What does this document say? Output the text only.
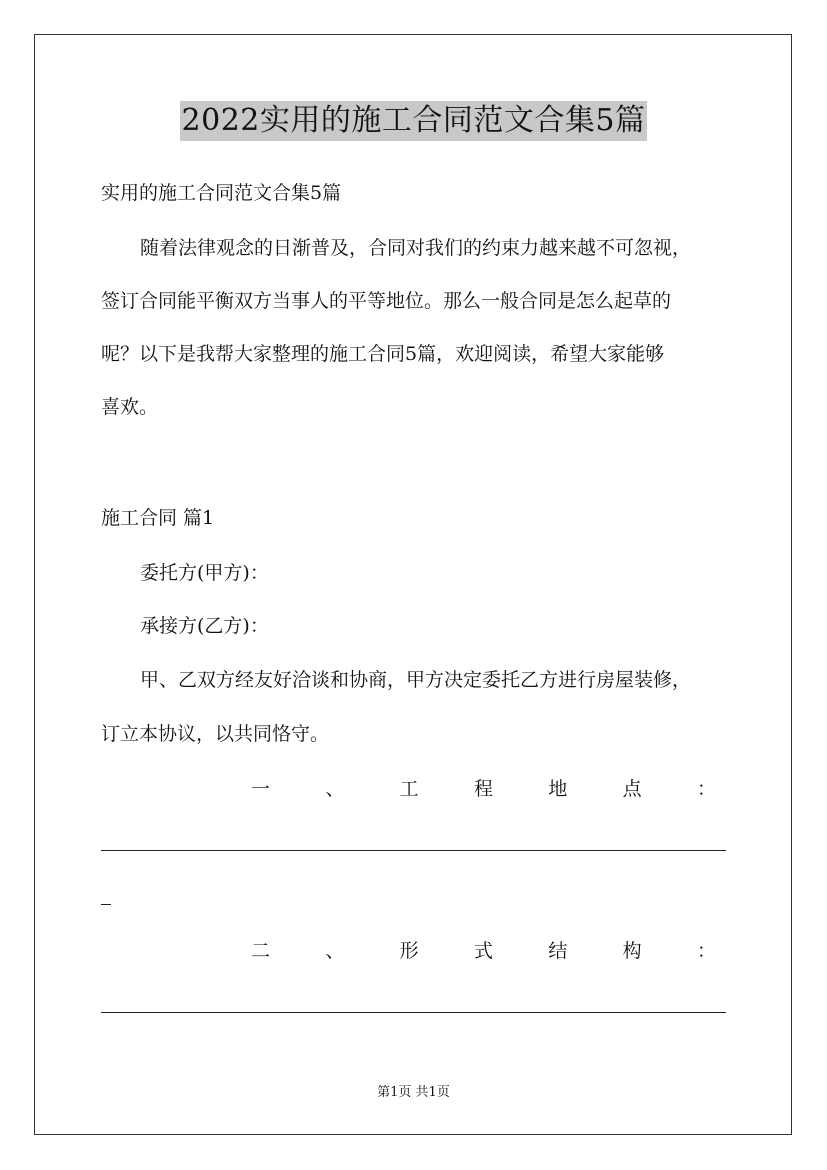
2022实用的施工合同范文合集5篇
实用的施工合同范文合集5篇
随着法律观念的日渐普及，合同对我们的约束力越来越不可忽视，
签订合同能平衡双方当事人的平等地位。那么一般合同是怎么起草的
呢？以下是我帮大家整理的施工合同5篇，欢迎阅读，希望大家能够
喜欢。
施工合同 篇1
委托方(甲方)：
承接方(乙方)：
甲、乙双方经友好洽谈和协商，甲方决定委托乙方进行房屋装修，
订立本协议，以共同恪守。
一	、	工	程	地	点	：
二	、	形	式	结	构	：
第1页 共1页
